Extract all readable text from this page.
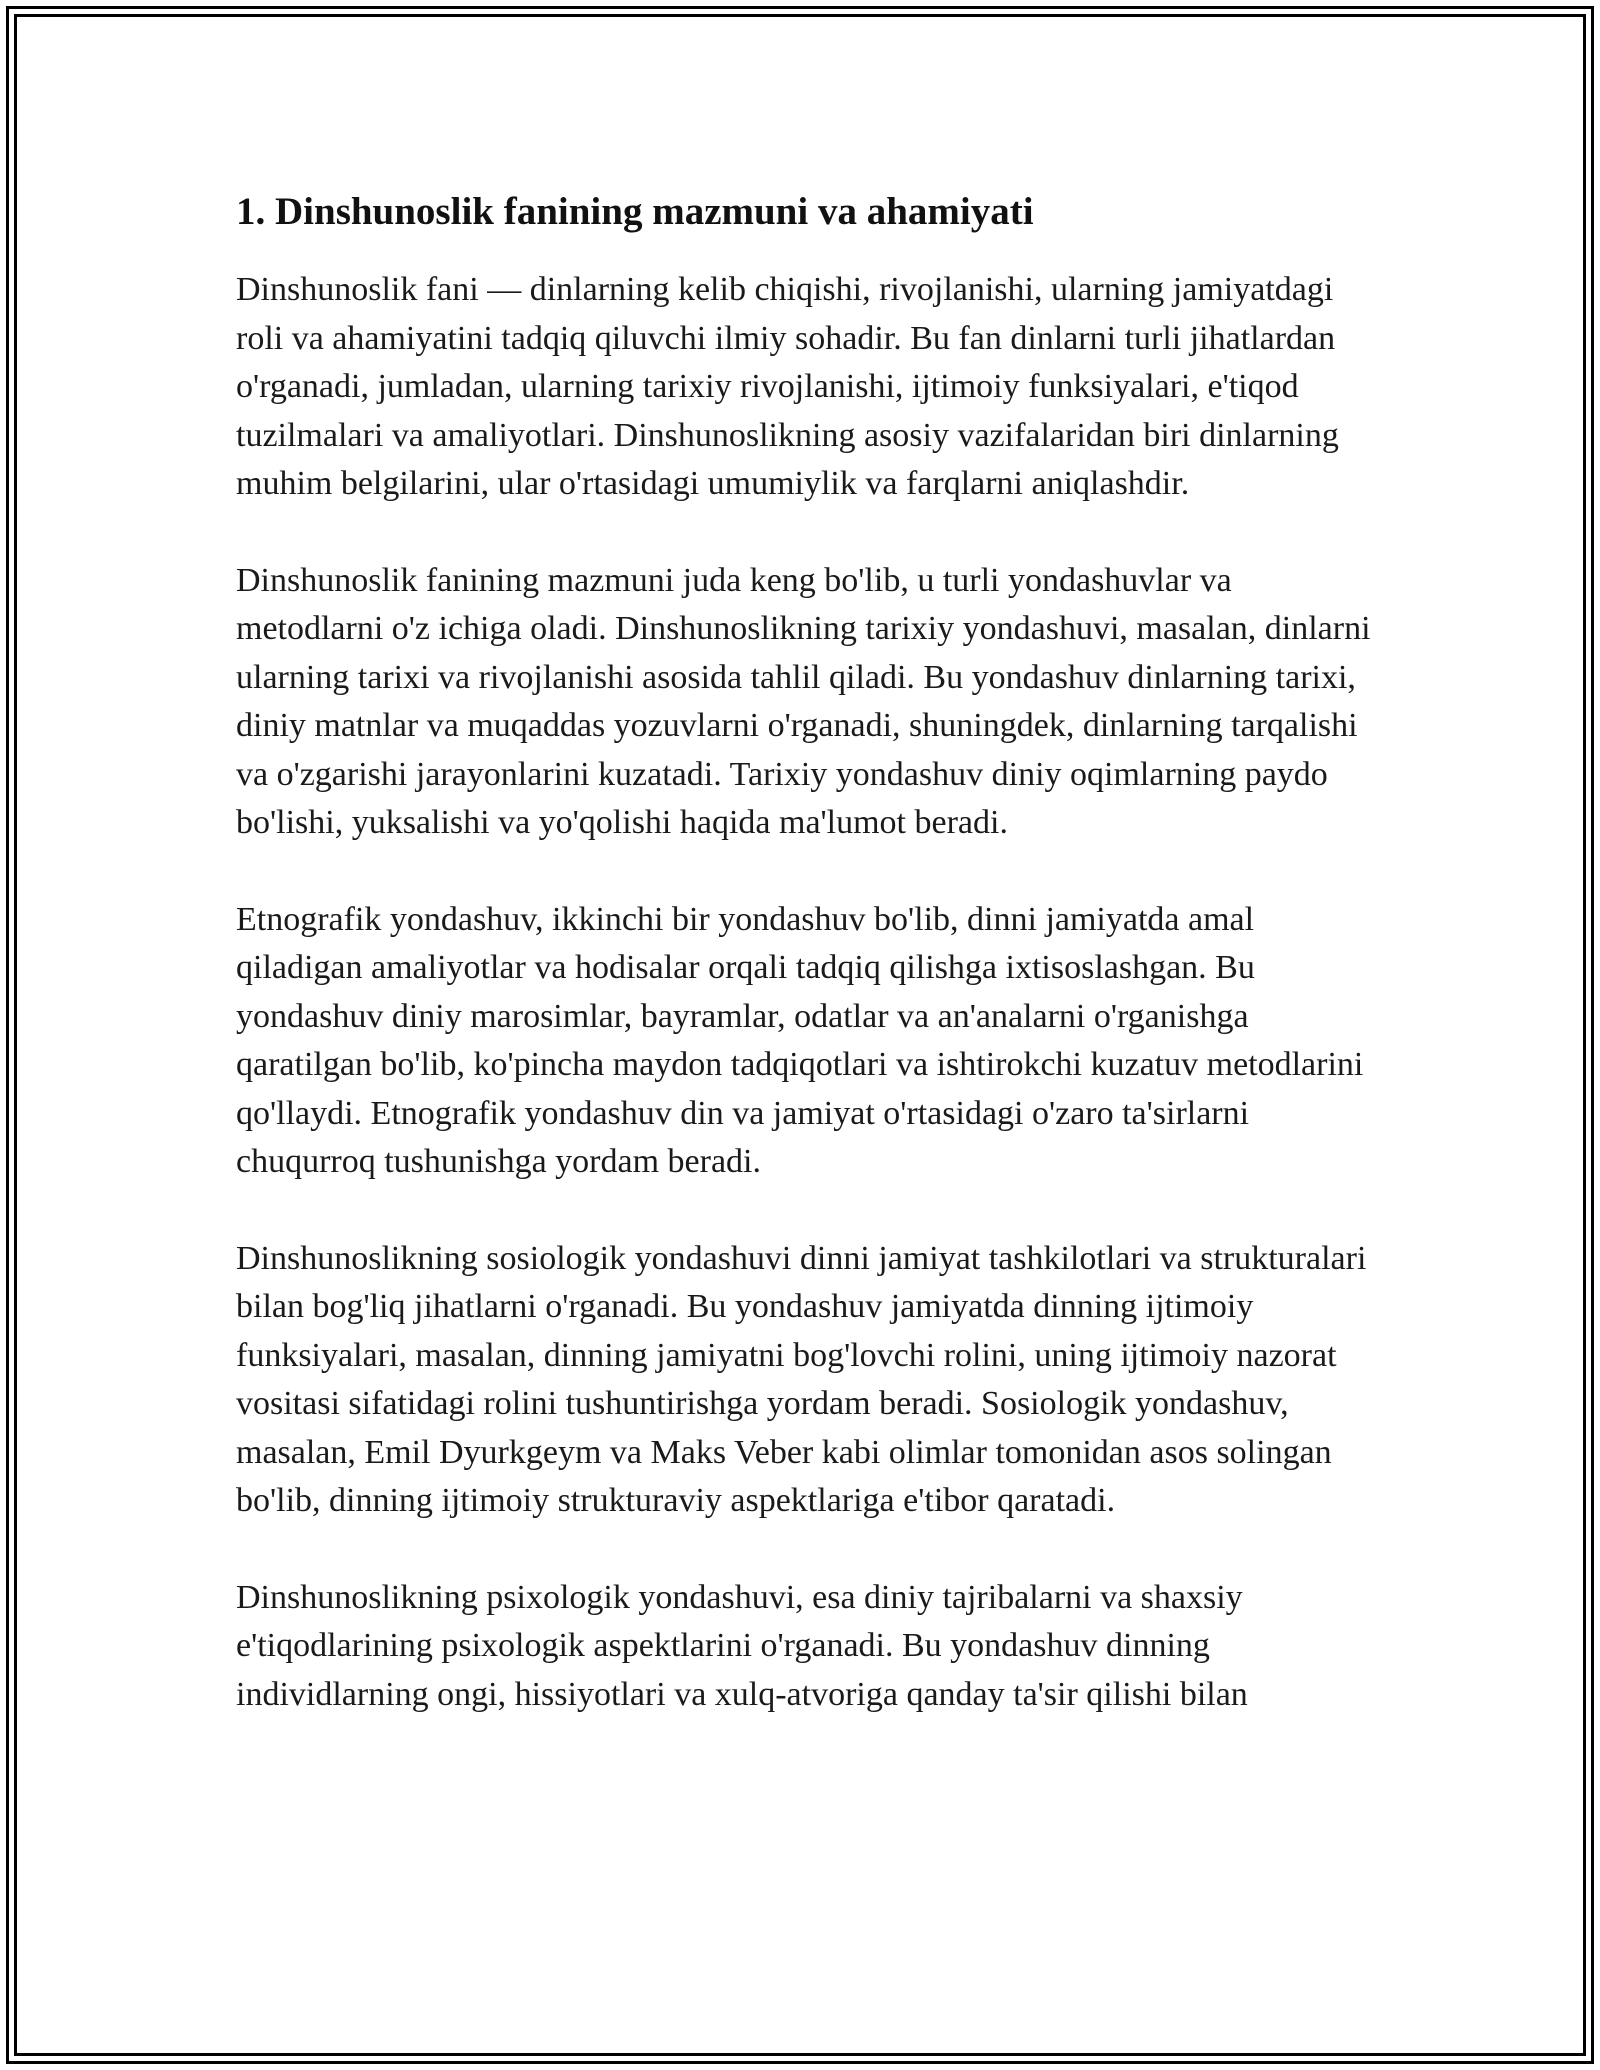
1. Dinshunoslik fanining mazmuni va ahamiyati

Dinshunoslik fani — dinlarning kelib chiqishi, rivojlanishi, ularning jamiyatdagi roli va ahamiyatini tadqiq qiluvchi ilmiy sohadir. Bu fan dinlarni turli jihatlardan o'rganadi, jumladan, ularning tarixiy rivojlanishi, ijtimoiy funksiyalari, e'tiqod tuzilmalari va amaliyotlari. Dinshunoslikning asosiy vazifalaridan biri dinlarning muhim belgilarini, ular o'rtasidagi umumiylik va farqlarni aniqlashdir.

Dinshunoslik fanining mazmuni juda keng bo'lib, u turli yondashuvlar va metodlarni o'z ichiga oladi. Dinshunoslikning tarixiy yondashuvi, masalan, dinlarni ularning tarixi va rivojlanishi asosida tahlil qiladi. Bu yondashuv dinlarning tarixi, diniy matnlar va muqaddas yozuvlarni o'rganadi, shuningdek, dinlarning tarqalishi va o'zgarishi jarayonlarini kuzatadi. Tarixiy yondashuv diniy oqimlarning paydo bo'lishi, yuksalishi va yo'qolishi haqida ma'lumot beradi.

Etnografik yondashuv, ikkinchi bir yondashuv bo'lib, dinni jamiyatda amal qiladigan amaliyotlar va hodisalar orqali tadqiq qilishga ixtisoslashgan. Bu yondashuv diniy marosimlar, bayramlar, odatlar va an'analarni o'rganishga qaratilgan bo'lib, ko'pincha maydon tadqiqotlari va ishtirokchi kuzatuv metodlarini qo'llaydi. Etnografik yondashuv din va jamiyat o'rtasidagi o'zaro ta'sirlarni chuqurroq tushunishga yordam beradi.

Dinshunoslikning sosiologik yondashuvi dinni jamiyat tashkilotlari va strukturalari bilan bog'liq jihatlarni o'rganadi. Bu yondashuv jamiyatda dinning ijtimoiy funksiyalari, masalan, dinning jamiyatni bog'lovchi rolini, uning ijtimoiy nazorat vositasi sifatidagi rolini tushuntirishga yordam beradi. Sosiologik yondashuv, masalan, Emil Dyurkgeym va Maks Veber kabi olimlar tomonidan asos solingan bo'lib, dinning ijtimoiy strukturaviy aspektlariga e'tibor qaratadi.

Dinshunoslikning psixologik yondashuvi, esa diniy tajribalarni va shaxsiy e'tiqodlarining psixologik aspektlarini o'rganadi. Bu yondashuv dinning individlarning ongi, hissiyotlari va xulq-atvoriga qanday ta'sir qilishi bilan
